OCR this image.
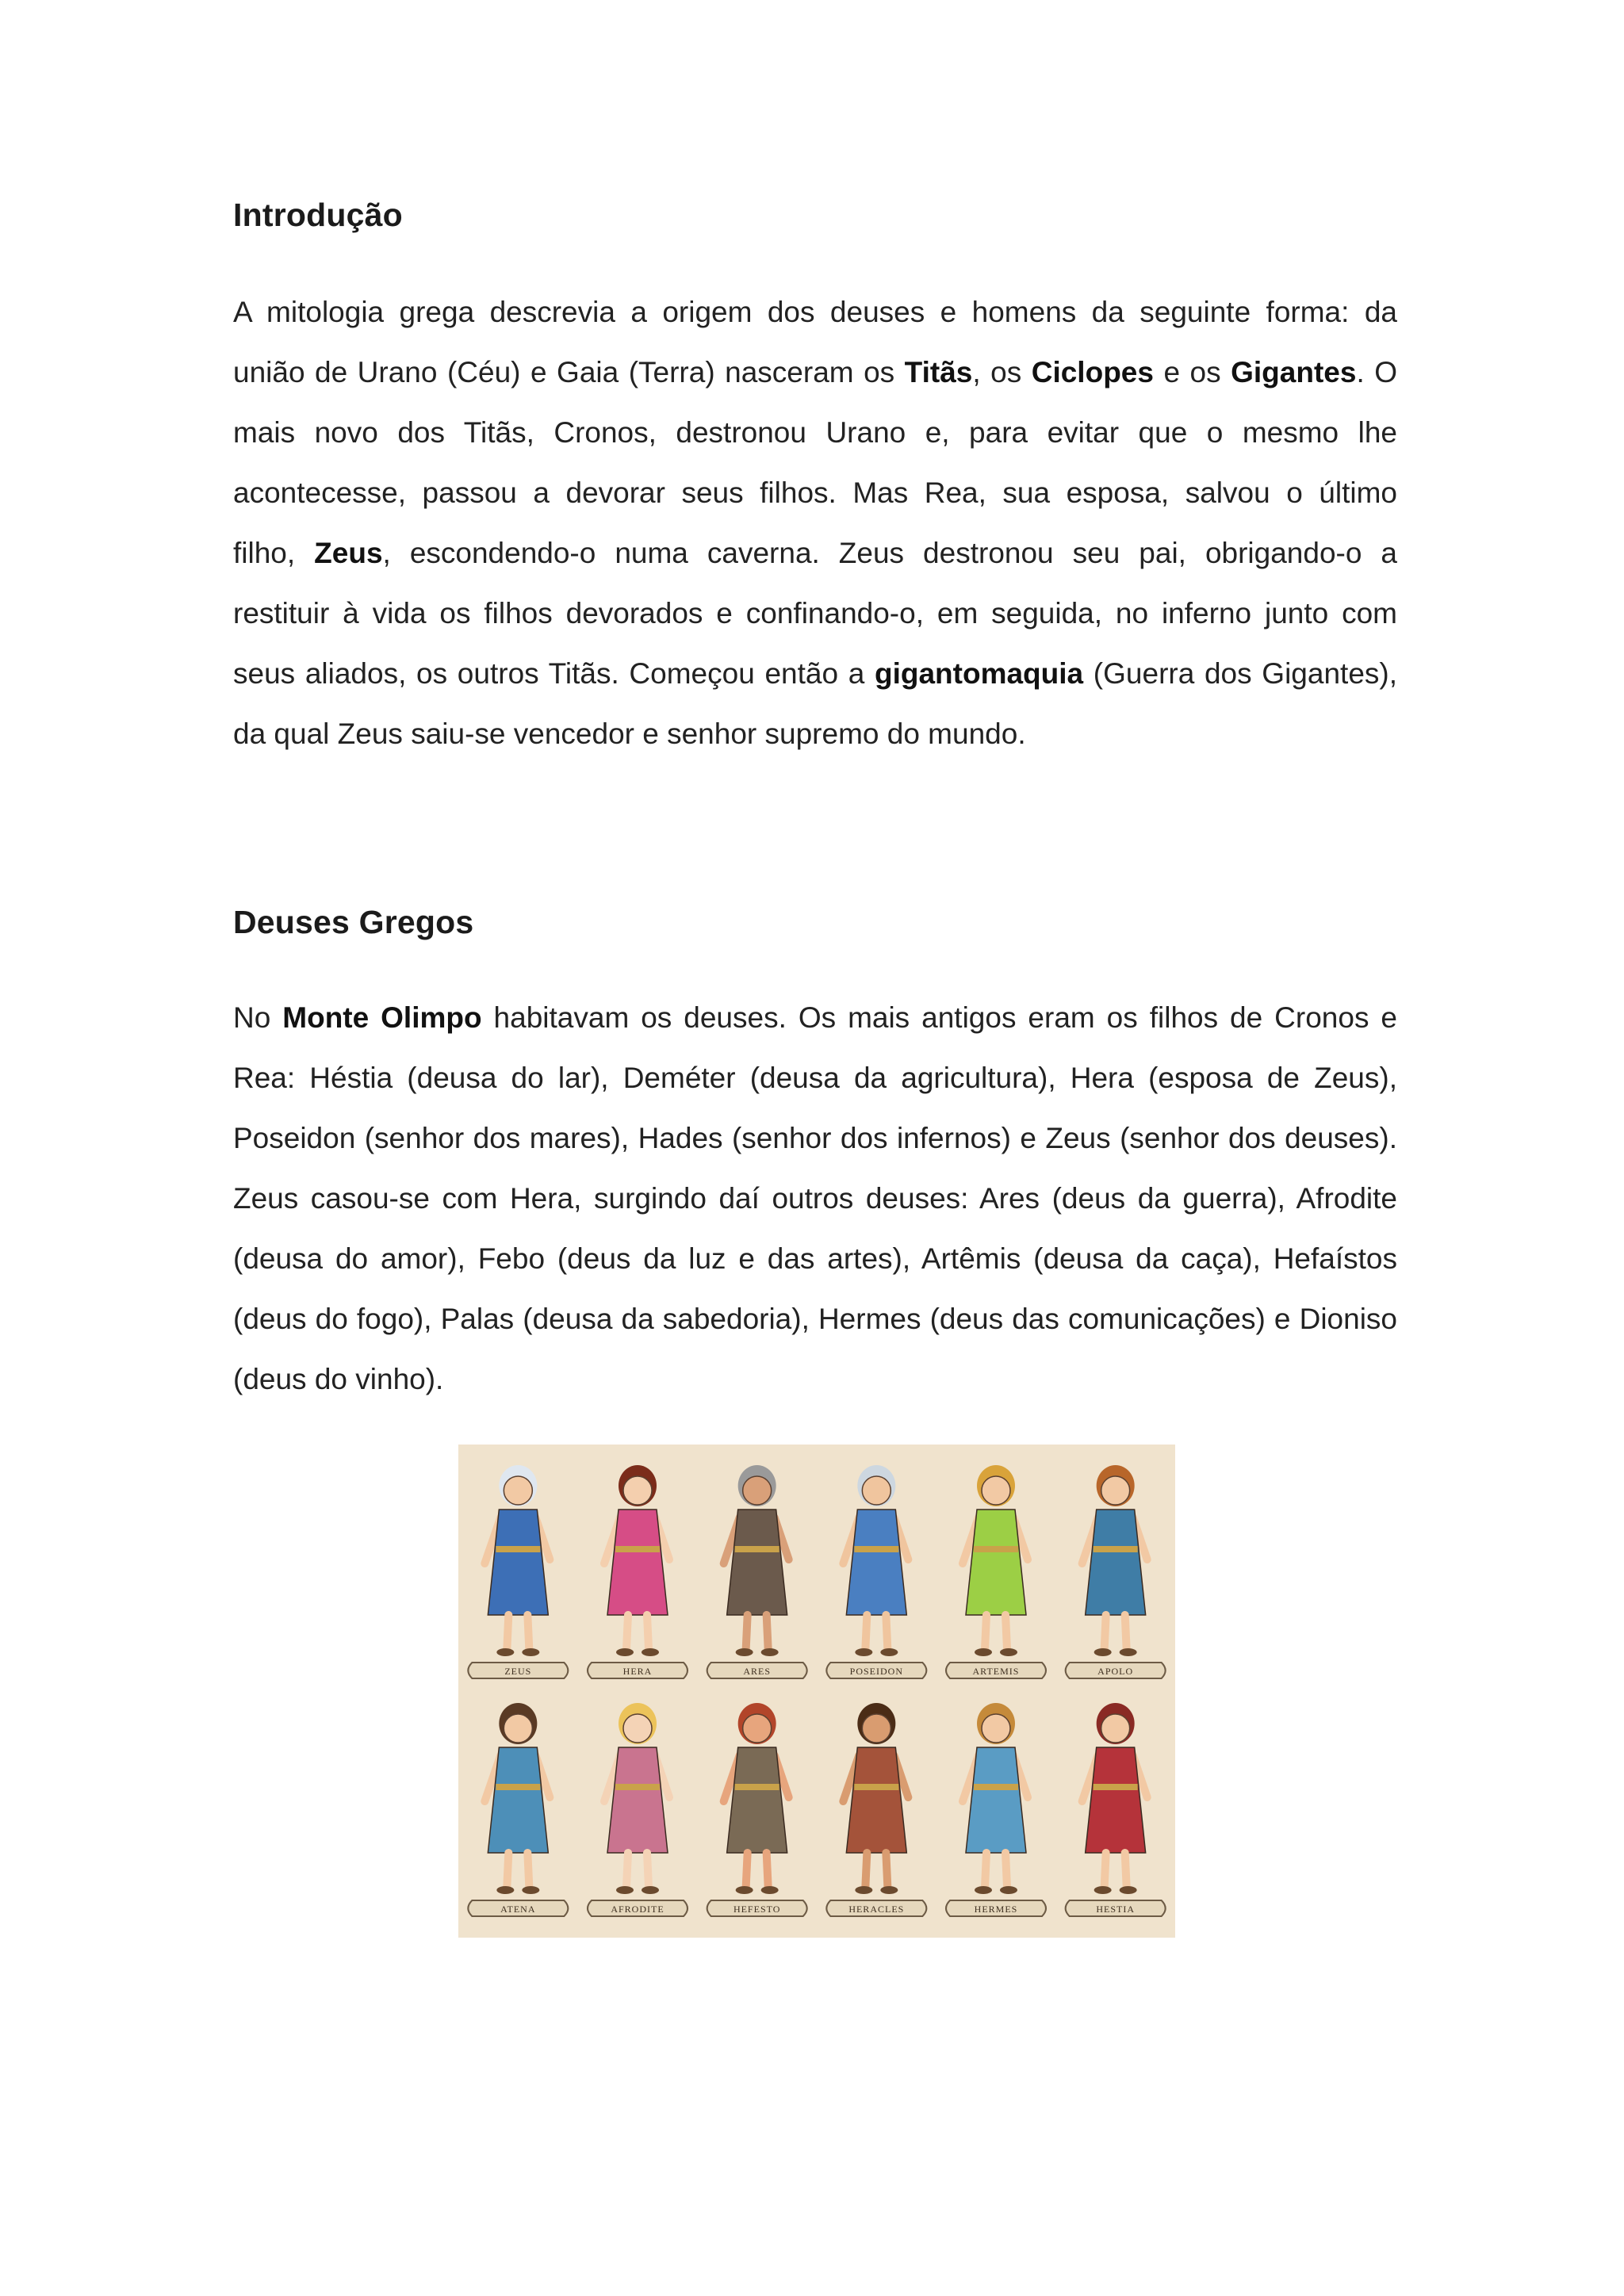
Introdução
A mitologia grega descrevia a origem dos deuses e homens da seguinte forma: da
união de Urano (Céu) e Gaia (Terra) nasceram os Titãs, os Ciclopes e os Gigantes. O
mais novo dos Titãs, Cronos, destronou Urano e, para evitar que o mesmo lhe
acontecesse, passou a devorar seus filhos. Mas Rea, sua esposa, salvou o último
filho, Zeus, escondendo-o numa caverna. Zeus destronou seu pai, obrigando-o a
restituir à vida os filhos devorados e confinando-o, em seguida, no inferno junto com
seus aliados, os outros Titãs. Começou então a gigantomaquia (Guerra dos Gigantes),
da qual Zeus saiu-se vencedor e senhor supremo do mundo.
Deuses Gregos
No Monte Olimpo habitavam os deuses. Os mais antigos eram os filhos de Cronos e
Rea: Héstia (deusa do lar), Deméter (deusa da agricultura), Hera (esposa de Zeus),
Poseidon (senhor dos mares), Hades (senhor dos infernos) e Zeus (senhor dos deuses).
Zeus casou-se com Hera, surgindo daí outros deuses: Ares (deus da guerra), Afrodite
(deusa do amor), Febo (deus da luz e das artes), Artêmis (deusa da caça), Hefaístos
(deus do fogo), Palas (deusa da sabedoria), Hermes (deus das comunicações) e Dioniso
(deus do vinho).
ZEUS	HERA	ARES	POSEIDON	ARTEMIS	APOLO
ATENA	AFRODITE	HEFESTO	HERACLES	HERMES	HESTIA
